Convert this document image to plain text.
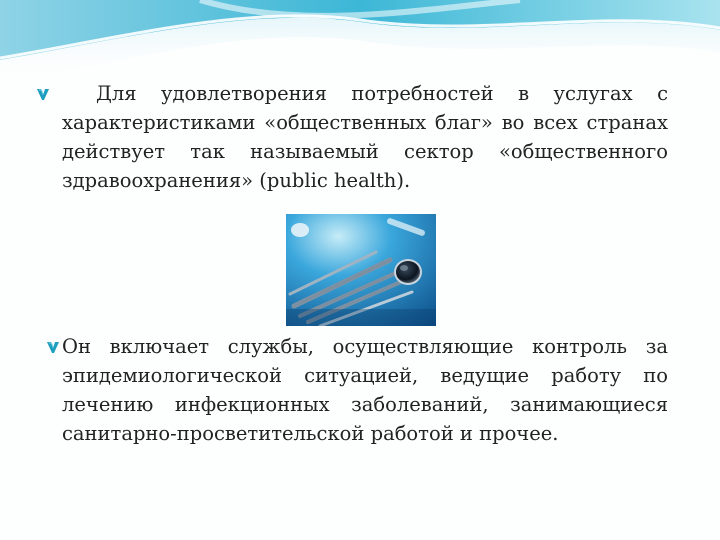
Для удовлетворения потребностей в услугах с характеристиками «общественных благ» во всех странах действует так называемый сектор «общественного здравоохранения» (public health).
Он включает службы, осуществляющие контроль за эпидемиологической ситуацией, ведущие работу по лечению инфекционных заболеваний, занимающиеся санитарно-просветительской работой и прочее.
